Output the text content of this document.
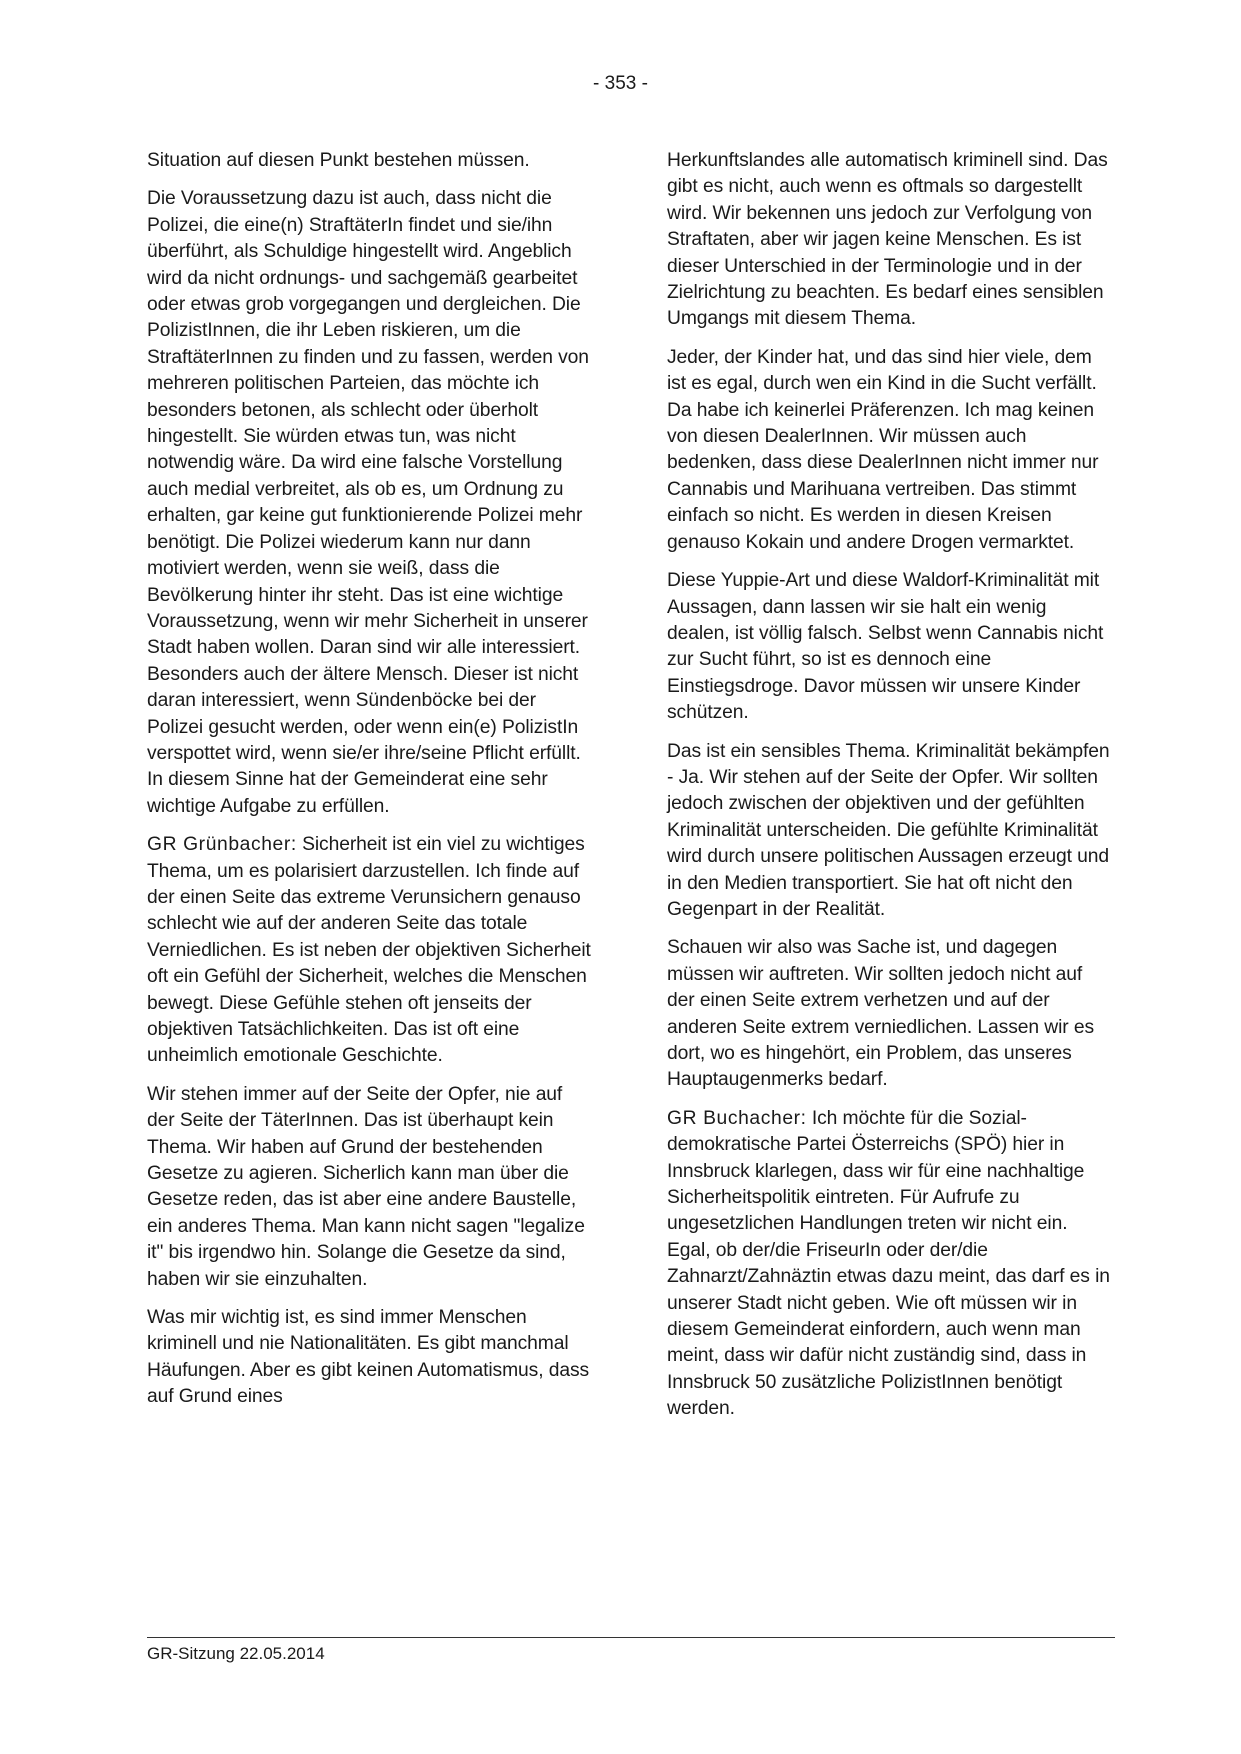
- 353 -

Situation auf diesen Punkt bestehen müssen.

Die Voraussetzung dazu ist auch, dass nicht die Polizei, die eine(n) StraftäterIn findet und sie/ihn überführt, als Schuldige hingestellt wird. Angeblich wird da nicht ordnungs- und sachgemäß gearbeitet oder etwas grob vorgegangen und dergleichen. Die PolizistInnen, die ihr Leben riskieren, um die StraftäterInnen zu finden und zu fassen, werden von mehreren politischen Parteien, das möchte ich besonders betonen, als schlecht oder überholt hingestellt. Sie würden etwas tun, was nicht notwendig wäre. Da wird eine falsche Vorstellung auch medial verbreitet, als ob es, um Ordnung zu erhalten, gar keine gut funktionierende Polizei mehr benötigt. Die Polizei wiederum kann nur dann motiviert werden, wenn sie weiß, dass die Bevölkerung hinter ihr steht. Das ist eine wichtige Voraussetzung, wenn wir mehr Sicherheit in unserer Stadt haben wollen. Daran sind wir alle interessiert. Besonders auch der ältere Mensch. Dieser ist nicht daran interessiert, wenn Sündenböcke bei der Polizei gesucht werden, oder wenn ein(e) PolizistIn verspottet wird, wenn sie/er ihre/seine Pflicht erfüllt. In diesem Sinne hat der Gemeinderat eine sehr wichtige Aufgabe zu erfüllen.

GR Grünbacher: Sicherheit ist ein viel zu wichtiges Thema, um es polarisiert darzustellen. Ich finde auf der einen Seite das extreme Verunsichern genauso schlecht wie auf der anderen Seite das totale Verniedlichen. Es ist neben der objektiven Sicherheit oft ein Gefühl der Sicherheit, welches die Menschen bewegt. Diese Gefühle stehen oft jenseits der objektiven Tatsächlichkeiten. Das ist oft eine unheimlich emotionale Geschichte.

Wir stehen immer auf der Seite der Opfer, nie auf der Seite der TäterInnen. Das ist überhaupt kein Thema. Wir haben auf Grund der bestehenden Gesetze zu agieren. Sicherlich kann man über die Gesetze reden, das ist aber eine andere Baustelle, ein anderes Thema. Man kann nicht sagen "legalize it" bis irgendwo hin. Solange die Gesetze da sind, haben wir sie einzuhalten.

Was mir wichtig ist, es sind immer Menschen kriminell und nie Nationalitäten. Es gibt manchmal Häufungen. Aber es gibt keinen Automatismus, dass auf Grund eines

Herkunftslandes alle automatisch kriminell sind. Das gibt es nicht, auch wenn es oftmals so dargestellt wird. Wir bekennen uns jedoch zur Verfolgung von Straftaten, aber wir jagen keine Menschen. Es ist dieser Unterschied in der Terminologie und in der Zielrichtung zu beachten. Es bedarf eines sensiblen Umgangs mit diesem Thema.

Jeder, der Kinder hat, und das sind hier viele, dem ist es egal, durch wen ein Kind in die Sucht verfällt. Da habe ich keinerlei Präferenzen. Ich mag keinen von diesen DealerInnen. Wir müssen auch bedenken, dass diese DealerInnen nicht immer nur Cannabis und Marihuana vertreiben. Das stimmt einfach so nicht. Es werden in diesen Kreisen genauso Kokain und andere Drogen vermarktet.

Diese Yuppie-Art und diese Waldorf-Kriminalität mit Aussagen, dann lassen wir sie halt ein wenig dealen, ist völlig falsch. Selbst wenn Cannabis nicht zur Sucht führt, so ist es dennoch eine Einstiegsdroge. Davor müssen wir unsere Kinder schützen.

Das ist ein sensibles Thema. Kriminalität bekämpfen - Ja. Wir stehen auf der Seite der Opfer. Wir sollten jedoch zwischen der objektiven und der gefühlten Kriminalität unterscheiden. Die gefühlte Kriminalität wird durch unsere politischen Aussagen erzeugt und in den Medien transportiert. Sie hat oft nicht den Gegenpart in der Realität.

Schauen wir also was Sache ist, und dagegen müssen wir auftreten. Wir sollten jedoch nicht auf der einen Seite extrem verhetzen und auf der anderen Seite extrem verniedlichen. Lassen wir es dort, wo es hingehört, ein Problem, das unseres Hauptaugenmerks bedarf.

GR Buchacher: Ich möchte für die Sozialdemokratische Partei Österreichs (SPÖ) hier in Innsbruck klarlegen, dass wir für eine nachhaltige Sicherheitspolitik eintreten. Für Aufrufe zu ungesetzlichen Handlungen treten wir nicht ein. Egal, ob der/die FriseurIn oder der/die Zahnarzt/Zahnäztin etwas dazu meint, das darf es in unserer Stadt nicht geben. Wie oft müssen wir in diesem Gemeinderat einfordern, auch wenn man meint, dass wir dafür nicht zuständig sind, dass in Innsbruck 50 zusätzliche PolizistInnen benötigt werden.

GR-Sitzung 22.05.2014
